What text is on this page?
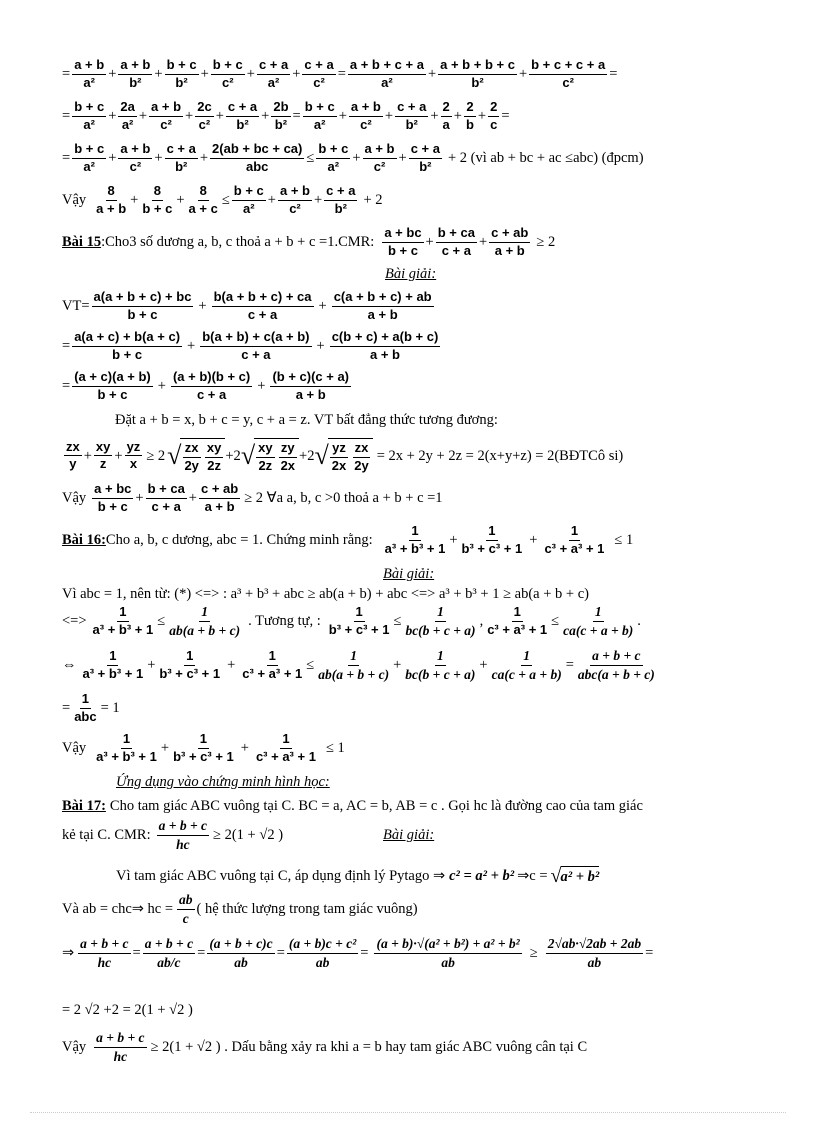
= $\frac{a + b}{\text{a²}}$ +
a + b
b²
+
b + c
b²
+
b + c
c²
+
c + a
a²
+
c + a
c²
=
a + b + c + a
a²
+
a + b + b + c
b²
+
b + c + c + a
c²
=
=
b + c
a²
+
2a
a²
+
a + b
c²
+
2c
c²
+
c + a
b²
+
2b
b²
=
b + c
a²
+
a + b
c²
+
c + a
b²
+
2
a
+
2
b
+
2
c
=
=
b + c
a²
+
a + b
c²
+
c + a
b²
+
2(ab + bc + ca)
abc
≤
b + c
a²
+
a + b
c²
+
c + a
b²
+ 2 (vì ab + bc + ac ≤abc) (đpcm)
Vậy
8
a + b
+
8
b + c
+
8
a + c
≤
b + c
a²
+
a + b
c²
+
c + a
b²
+ 2
Bài 15 :Cho3 số dương a, b, c thoả a + b + c =1.CMR:
a + bc
b + c
+
b + ca
c + a
+ $\frac{c + ab}{a + b} \ge 2$
Bài giải:
$VT= \frac{a(a + b + c) + bc}{b + c} + \frac{b(a + b + c) + ca}{c + a} + \frac{c(a + b + c) + ab}{a + b}$
=
a(a + c) + b(a + c)
b + c
+ $\frac{b(a + b) + c(a + b)}{c + a} + \frac{c(b + c) + a(b + c)}{a + b}$
=
(a + c)(a + b)
b + c
+ $\frac{(a + b)(b + c)}{c + a} + \frac{(b + c)(c + a)}{a + b}$
Đặt a + b = x, b + c = y, c + a = z. VT bất đẳng thức tương đương:
zx
y
+
xy
z
+ $\frac{yz}{x} \ge 2$ √ zx
2y
xy
2z
+2 √ xy
2z
zy
2x
+2 √ yz
2x
zx
2y
= 2x + 2y + 2z = 2(x+y+z) = 2(BĐTCô si)
Vậy
a + bc
b + c
+
b + ca
c + a
+ $\frac{c + ab}{a + b} \ge 2$ ∀a a, b, c >0 thoả a + b + c =1
Bài 16: Cho a, b, c dương, abc = 1. Chứng minh rằng:
1
a³ + b³ + 1
+
1
b³ + c³ + 1
+ $\frac{1}{\text{c³ + a³ + 1}} \le 1$
Bài giải:
Vì abc = 1, nên từ: (*) <=> : a³ + b³ + abc ≥ ab(a + b) + abc <=> a³ + b³ + 1 ≥ ab(a + b + c)
<=>
1
a³ + b³ + 1
≤
1
ab(a + b + c)
. Tương tự, :
1
b³ + c³ + 1
≤
1
bc(b + c + a)
,
1
c³ + a³ + 1
≤
1
ca(c + a + b)
.
⇔
1
a³ + b³ + 1
+
1
b³ + c³ + 1
+ $\frac{1}{\text{c³ + a³ + 1}}$ ≤
1
ab(a + b + c)
+
1
bc(b + c + a)
+
1
ca(c + a + b)
=
a + b + c
abc(a + b + c)
=
1
abc
= 1
Vậy
1
a³ + b³ + 1
+
1
b³ + c³ + 1
+ $\frac{1}{\text{c³ + a³ + 1}} \le 1$
Ứng dụng vào chứng minh hình học:
Bài 17: Cho tam giác ABC vuông tại C. BC = a, AC = b, AB = c . Gọi hc là đường cao của tam giác
kẻ tại C. CMR: $\frac{a + b + c}{hc} \ge 2(1 + √2$ )	Bài giải:
Vì tam giác ABC vuông tại C, áp dụng định lý Pytago ⇒ c² = a² + b² ⇒c = √ a² + b²
Và ab = chc⇒ hc = $\frac{ab}{c}$ ( hệ thức lượng trong tam giác vuông)
⇒
a + b + c
hc
=
a + b + c
ab/c
=
(a + b + c)c
ab
=
(a + b)c + c²
ab
= $\frac{\text{(a + b)·√(a² + b²) + a² + b²}}{ab} \ge \frac{2√ab\cdot√2ab + 2ab}{ab}$ =
= 2 √2 +2 = 2(1 + √2 )
Vậy $\frac{a + b + c}{hc} \ge 2(1 + √2$ ) . Dấu bằng xảy ra khi a = b hay tam giác ABC vuông cân tại C
